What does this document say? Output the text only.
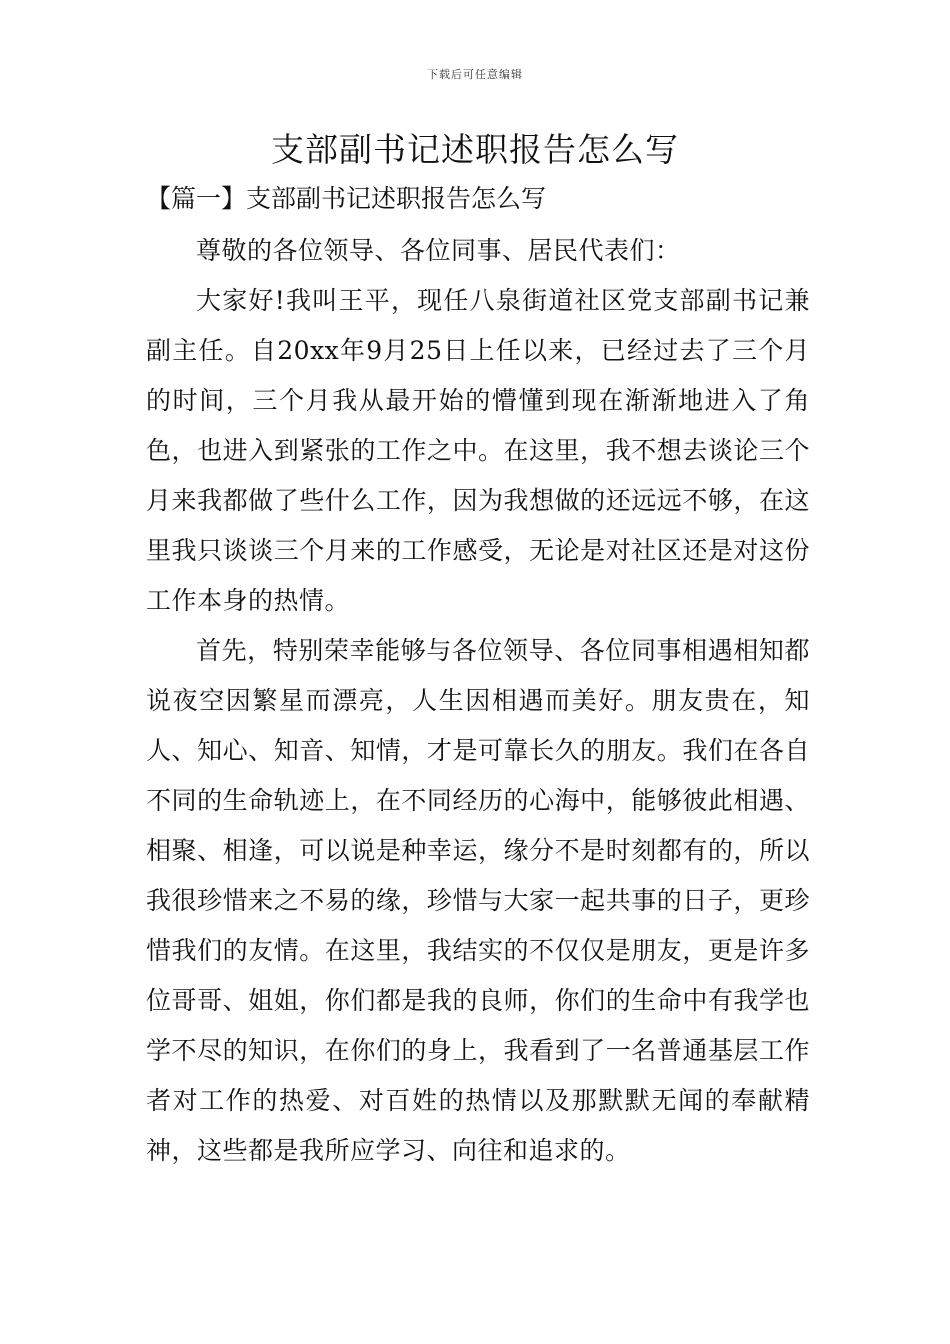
下载后可任意编辑
支部副书记述职报告怎么写
【篇一】支部副书记述职报告怎么写

尊敬的各位领导、各位同事、居民代表们：

大家好!我叫王平，现任八泉街道社区党支部副书记兼副主任。自20xx年9月25日上任以来，已经过去了三个月的时间，三个月我从最开始的懵懂到现在渐渐地进入了角色，也进入到紧张的工作之中。在这里，我不想去谈论三个月来我都做了些什么工作，因为我想做的还远远不够，在这里我只谈谈三个月来的工作感受，无论是对社区还是对这份工作本身的热情。

首先，特别荣幸能够与各位领导、各位同事相遇相知都说夜空因繁星而漂亮，人生因相遇而美好。朋友贵在，知人、知心、知音、知情，才是可靠长久的朋友。我们在各自不同的生命轨迹上，在不同经历的心海中，能够彼此相遇、相聚、相逢，可以说是种幸运，缘分不是时刻都有的，所以我很珍惜来之不易的缘，珍惜与大家一起共事的日子，更珍惜我们的友情。在这里，我结实的不仅仅是朋友，更是许多位哥哥、姐姐，你们都是我的良师，你们的生命中有我学也学不尽的知识，在你们的身上，我看到了一名普通基层工作者对工作的热爱、对百姓的热情以及那默默无闻的奉献精神，这些都是我所应学习、向往和追求的。
